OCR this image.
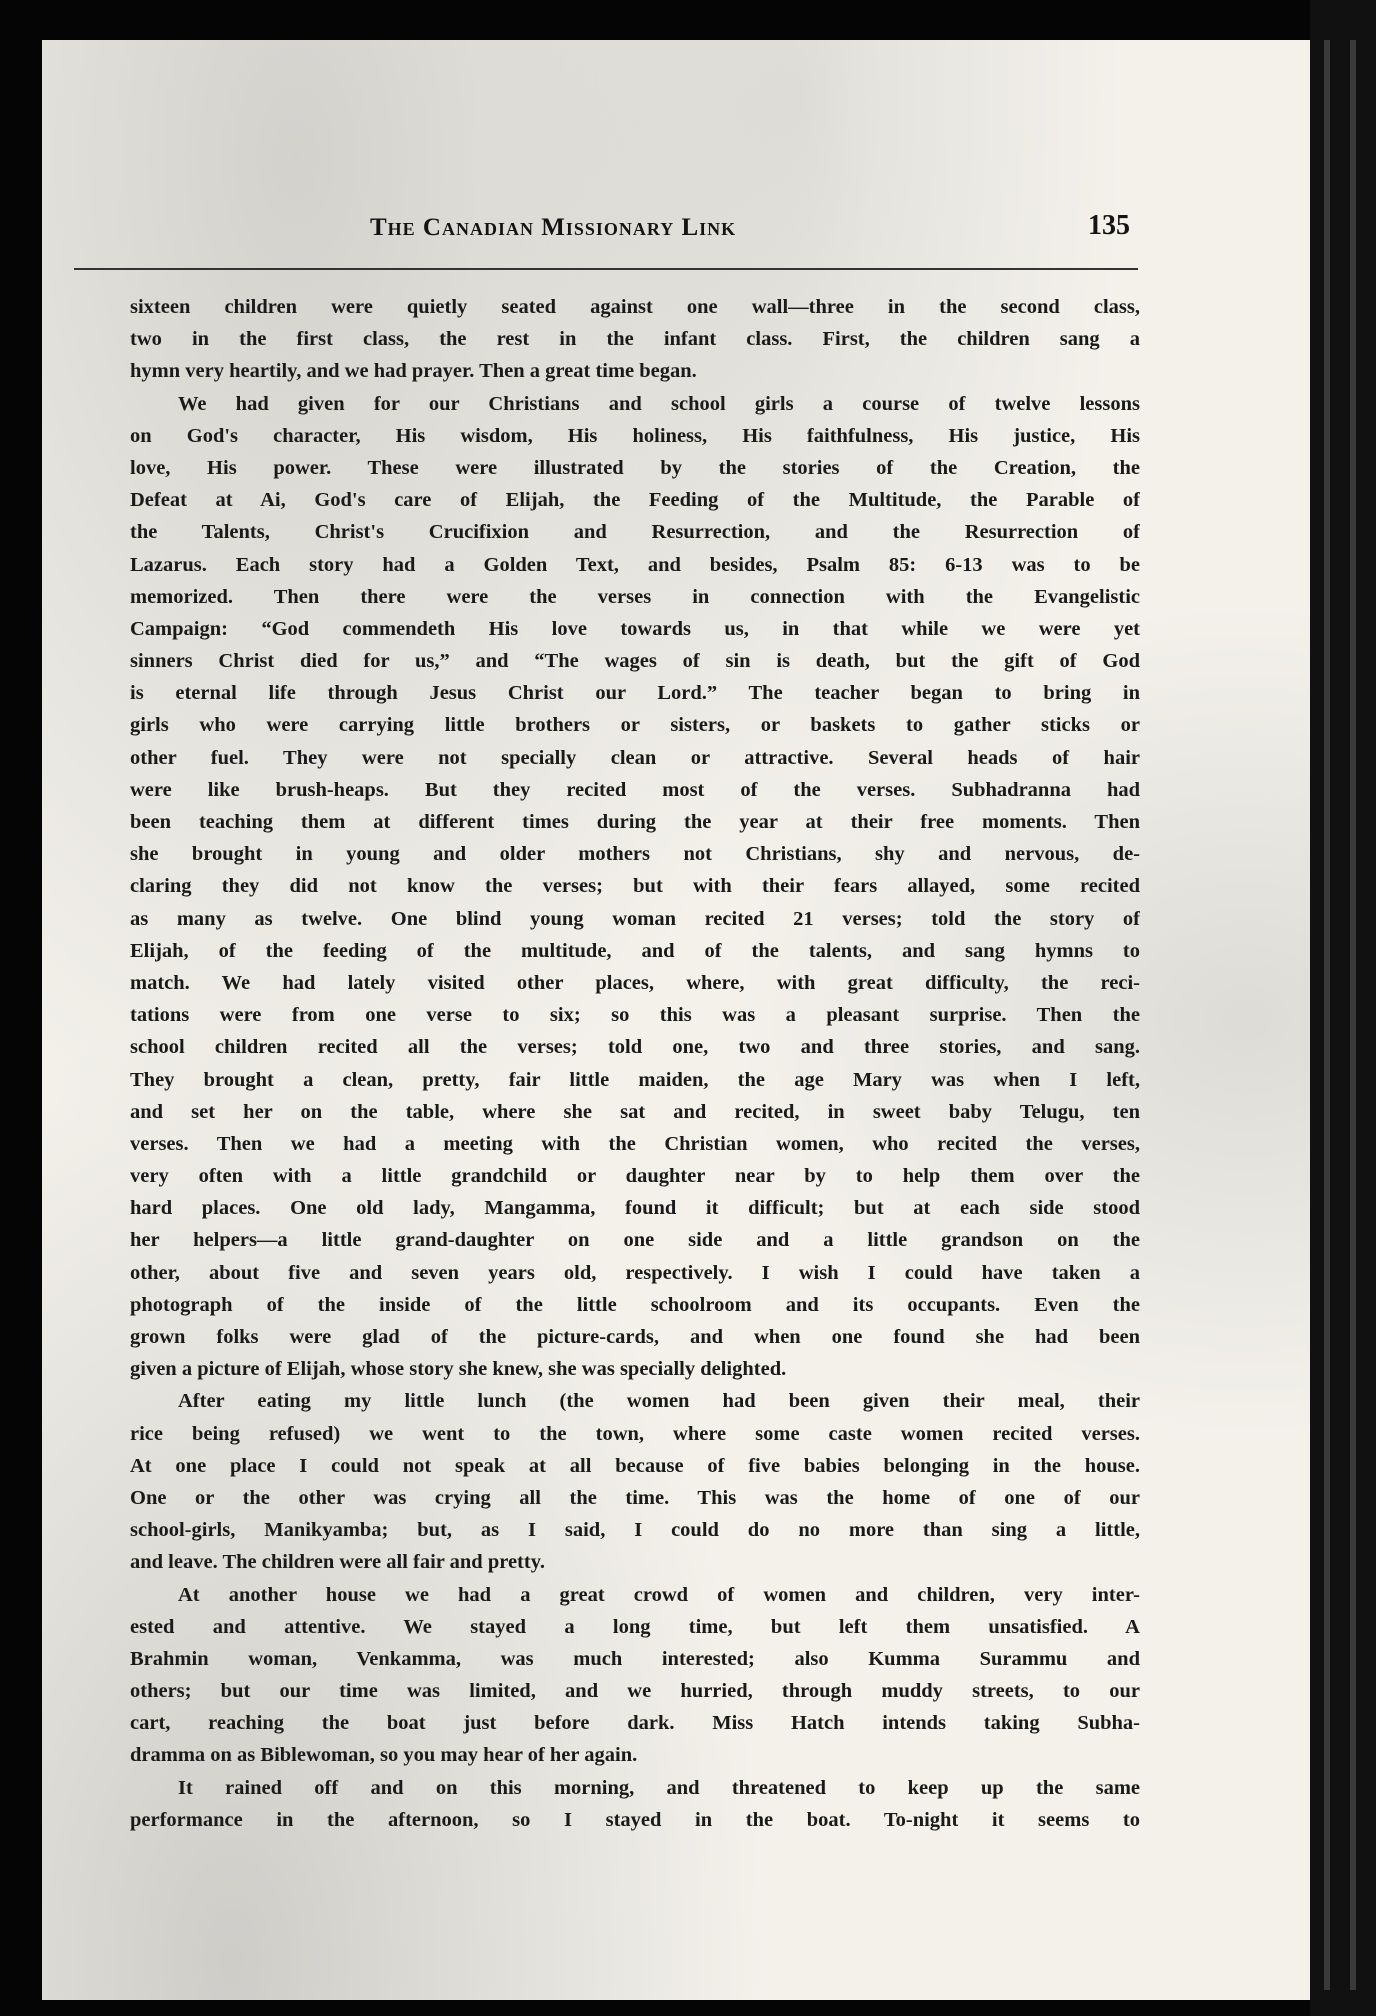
The Canadian Missionary Link	135
sixteen children were quietly seated against one wall—three in the second class,
two in the first class, the rest in the infant class. First, the children sang a
hymn very heartily, and we had prayer. Then a great time began.
We had given for our Christians and school girls a course of twelve lessons
on God's character, His wisdom, His holiness, His faithfulness, His justice, His
love, His power. These were illustrated by the stories of the Creation, the
Defeat at Ai, God's care of Elijah, the Feeding of the Multitude, the Parable of
the Talents, Christ's Crucifixion and Resurrection, and the Resurrection of
Lazarus. Each story had a Golden Text, and besides, Psalm 85: 6-13 was to be
memorized. Then there were the verses in connection with the Evangelistic
Campaign: “God commendeth His love towards us, in that while we were yet
sinners Christ died for us,” and “The wages of sin is death, but the gift of God
is eternal life through Jesus Christ our Lord.” The teacher began to bring in
girls who were carrying little brothers or sisters, or baskets to gather sticks or
other fuel. They were not specially clean or attractive. Several heads of hair
were like brush-heaps. But they recited most of the verses. Subhadranna had
been teaching them at different times during the year at their free moments. Then
she brought in young and older mothers not Christians, shy and nervous, de-
claring they did not know the verses; but with their fears allayed, some recited
as many as twelve. One blind young woman recited 21 verses; told the story of
Elijah, of the feeding of the multitude, and of the talents, and sang hymns to
match. We had lately visited other places, where, with great difficulty, the reci-
tations were from one verse to six; so this was a pleasant surprise. Then the
school children recited all the verses; told one, two and three stories, and sang.
They brought a clean, pretty, fair little maiden, the age Mary was when I left,
and set her on the table, where she sat and recited, in sweet baby Telugu, ten
verses. Then we had a meeting with the Christian women, who recited the verses,
very often with a little grandchild or daughter near by to help them over the
hard places. One old lady, Mangamma, found it difficult; but at each side stood
her helpers—a little grand-daughter on one side and a little grandson on the
other, about five and seven years old, respectively. I wish I could have taken a
photograph of the inside of the little schoolroom and its occupants. Even the
grown folks were glad of the picture-cards, and when one found she had been
given a picture of Elijah, whose story she knew, she was specially delighted.
After eating my little lunch (the women had been given their meal, their
rice being refused) we went to the town, where some caste women recited verses.
At one place I could not speak at all because of five babies belonging in the house.
One or the other was crying all the time. This was the home of one of our
school-girls, Manikyamba; but, as I said, I could do no more than sing a little,
and leave. The children were all fair and pretty.
At another house we had a great crowd of women and children, very inter-
ested and attentive. We stayed a long time, but left them unsatisfied. A
Brahmin woman, Venkamma, was much interested; also Kumma Surammu and
others; but our time was limited, and we hurried, through muddy streets, to our
cart, reaching the boat just before dark. Miss Hatch intends taking Subha-
dramma on as Biblewoman, so you may hear of her again.
It rained off and on this morning, and threatened to keep up the same
performance in the afternoon, so I stayed in the boat. To-night it seems to
